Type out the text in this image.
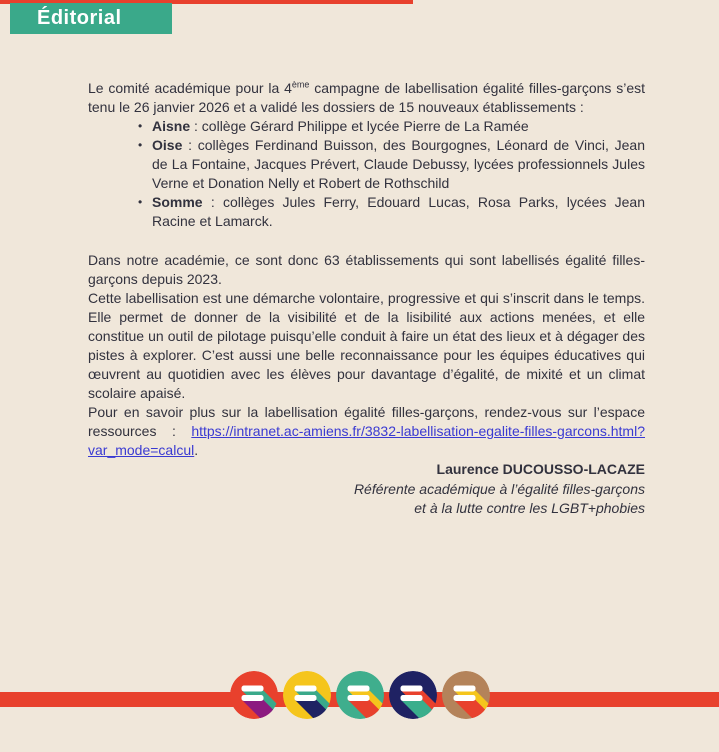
Éditorial

Le comité académique pour la 4ème campagne de labellisation égalité filles-garçons s’est tenu le 26 janvier 2026 et a validé les dossiers de 15 nouveaux établissements :

• Aisne : collège Gérard Philippe et lycée Pierre de La Ramée
• Oise : collèges Ferdinand Buisson, des Bourgognes, Léonard de Vinci, Jean de La Fontaine, Jacques Prévert, Claude Debussy, lycées professionnels Jules Verne et Donation Nelly et Robert de Rothschild
• Somme : collèges Jules Ferry, Edouard Lucas, Rosa Parks, lycées Jean Racine et Lamarck.

Dans notre académie, ce sont donc 63 établissements qui sont labellisés égalité filles-garçons depuis 2023.
Cette labellisation est une démarche volontaire, progressive et qui s’inscrit dans le temps. Elle permet de donner de la visibilité et de la lisibilité aux actions menées, et elle constitue un outil de pilotage puisqu’elle conduit à faire un état des lieux et à dégager des pistes à explorer. C’est aussi une belle reconnaissance pour les équipes éducatives qui œuvrent au quotidien avec les élèves pour davantage d’égalité, de mixité et un climat scolaire apaisé.

Pour en savoir plus sur la labellisation égalité filles-garçons, rendez-vous sur l’espace ressources : https://intranet.ac-amiens.fr/3832-labellisation-egalite-filles-garcons.html?var_mode=calcul.

Laurence DUCOUSSO-LACAZE
Référente académique à l’égalité filles-garçons
et à la lutte contre les LGBT+phobies
